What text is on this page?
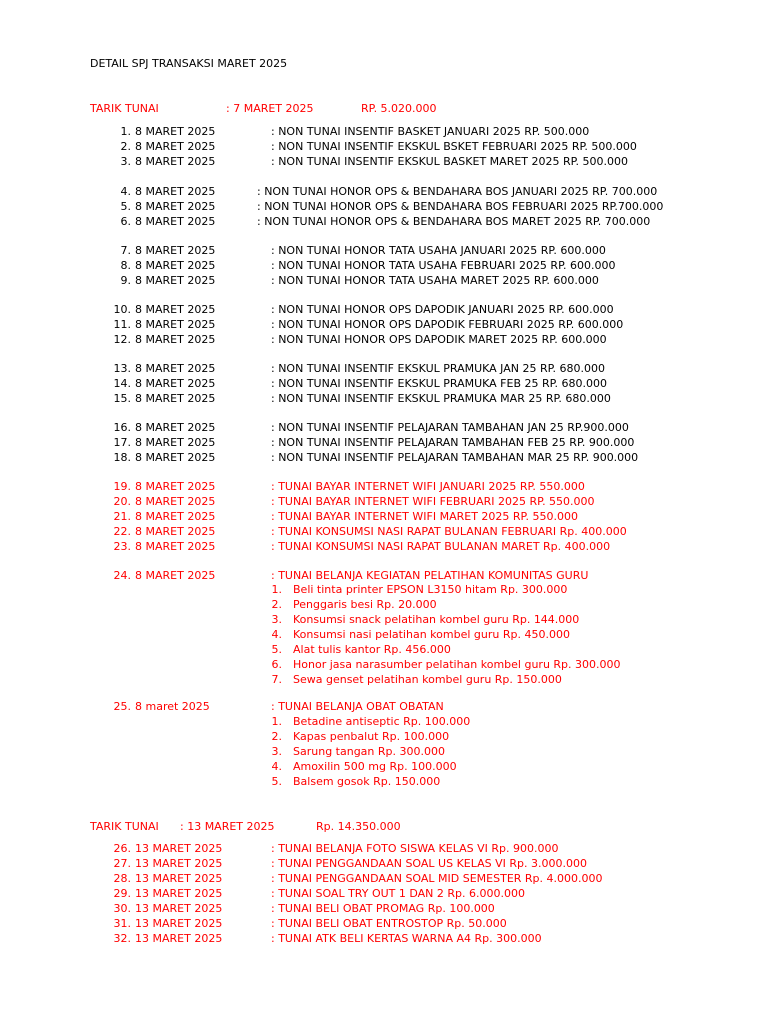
DETAIL SPJ TRANSAKSI MARET 2025
TARIK TUNAI	: 7 MARET 2025	RP. 5.020.000
1. 8 MARET 2025	: NON TUNAI INSENTIF BASKET JANUARI 2025 RP. 500.000
2. 8 MARET 2025	: NON TUNAI INSENTIF EKSKUL BSKET FEBRUARI 2025 RP. 500.000
3. 8 MARET 2025	: NON TUNAI INSENTIF EKSKUL BASKET MARET 2025 RP. 500.000
4. 8 MARET 2025	: NON TUNAI HONOR OPS & BENDAHARA BOS JANUARI 2025 RP. 700.000
5. 8 MARET 2025	: NON TUNAI HONOR OPS & BENDAHARA BOS FEBRUARI 2025 RP.700.000
6. 8 MARET 2025	: NON TUNAI HONOR OPS & BENDAHARA BOS MARET 2025 RP. 700.000
7. 8 MARET 2025	: NON TUNAI HONOR TATA USAHA JANUARI 2025 RP. 600.000
8. 8 MARET 2025	: NON TUNAI HONOR TATA USAHA FEBRUARI 2025 RP. 600.000
9. 8 MARET 2025	: NON TUNAI HONOR TATA USAHA MARET 2025 RP. 600.000
10. 8 MARET 2025	: NON TUNAI HONOR OPS DAPODIK JANUARI 2025 RP. 600.000
11. 8 MARET 2025	: NON TUNAI HONOR OPS DAPODIK FEBRUARI 2025 RP. 600.000
12. 8 MARET 2025	: NON TUNAI HONOR OPS DAPODIK MARET 2025 RP. 600.000
13. 8 MARET 2025	: NON TUNAI INSENTIF EKSKUL PRAMUKA JAN 25 RP. 680.000
14. 8 MARET 2025	: NON TUNAI INSENTIF EKSKUL PRAMUKA FEB 25 RP. 680.000
15. 8 MARET 2025	: NON TUNAI INSENTIF EKSKUL PRAMUKA MAR 25 RP. 680.000
16. 8 MARET 2025	: NON TUNAI INSENTIF PELAJARAN TAMBAHAN JAN 25 RP.900.000
17. 8 MARET 2025	: NON TUNAI INSENTIF PELAJARAN TAMBAHAN FEB 25 RP. 900.000
18. 8 MARET 2025	: NON TUNAI INSENTIF PELAJARAN TAMBAHAN MAR 25 RP. 900.000
19. 8 MARET 2025	: TUNAI BAYAR INTERNET WIFI JANUARI 2025 RP. 550.000
20. 8 MARET 2025	: TUNAI BAYAR INTERNET WIFI FEBRUARI 2025 RP. 550.000
21. 8 MARET 2025	: TUNAI BAYAR INTERNET WIFI MARET 2025 RP. 550.000
22. 8 MARET 2025	: TUNAI KONSUMSI NASI RAPAT BULANAN FEBRUARI Rp. 400.000
23. 8 MARET 2025	: TUNAI KONSUMSI NASI RAPAT BULANAN MARET Rp. 400.000
24. 8 MARET 2025	: TUNAI BELANJA KEGIATAN PELATIHAN KOMUNITAS GURU
1. Beli tinta printer EPSON L3150 hitam Rp. 300.000
2. Penggaris besi Rp. 20.000
3. Konsumsi snack pelatihan kombel guru Rp. 144.000
4. Konsumsi nasi pelatihan kombel guru Rp. 450.000
5. Alat tulis kantor Rp. 456.000
6. Honor jasa narasumber pelatihan kombel guru Rp. 300.000
7. Sewa genset pelatihan kombel guru Rp. 150.000
25. 8 maret 2025	: TUNAI BELANJA OBAT OBATAN
1. Betadine antiseptic Rp. 100.000
2. Kapas penbalut Rp. 100.000
3. Sarung tangan Rp. 300.000
4. Amoxilin 500 mg Rp. 100.000
5. Balsem gosok Rp. 150.000
TARIK TUNAI : 13 MARET 2025	Rp. 14.350.000
26. 13 MARET 2025	: TUNAI BELANJA FOTO SISWA KELAS VI Rp. 900.000
27. 13 MARET 2025	: TUNAI PENGGANDAAN SOAL US KELAS VI Rp. 3.000.000
28. 13 MARET 2025	: TUNAI PENGGANDAAN SOAL MID SEMESTER Rp. 4.000.000
29. 13 MARET 2025	: TUNAI SOAL TRY OUT 1 DAN 2 Rp. 6.000.000
30. 13 MARET 2025	: TUNAI BELI OBAT PROMAG Rp. 100.000
31. 13 MARET 2025	: TUNAI BELI OBAT ENTROSTOP Rp. 50.000
32. 13 MARET 2025	: TUNAI ATK BELI KERTAS WARNA A4 Rp. 300.000
